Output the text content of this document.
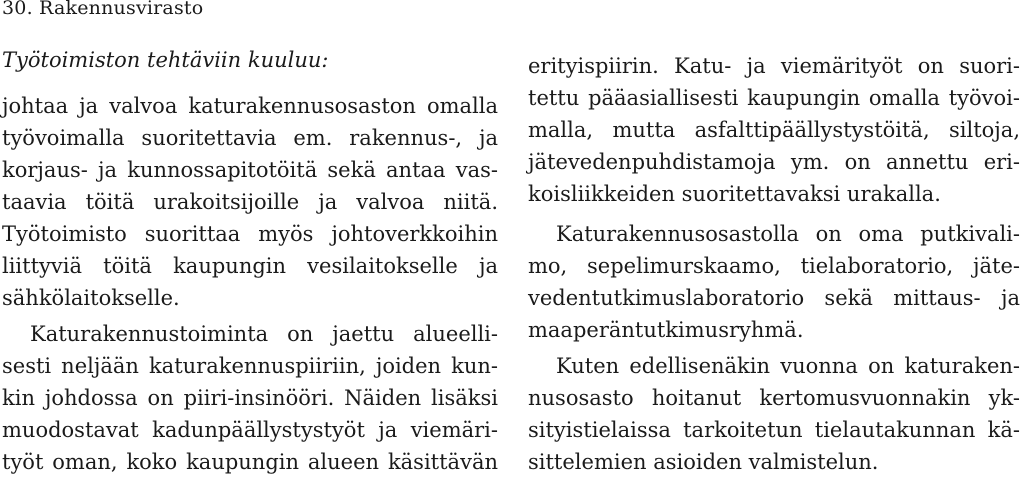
30. Rakennusvirasto
Työtoimiston tehtäviin kuuluu:
johtaa ja valvoa katurakennusosaston omalla
työvoimalla suoritettavia em. rakennus-, ja
korjaus- ja kunnossapitotöitä sekä antaa vas-
taavia töitä urakoitsijoille ja valvoa niitä.
Työtoimisto suorittaa myös johtoverkkoihin
liittyviä töitä kaupungin vesilaitokselle ja
sähkölaitokselle.
Katurakennustoiminta on jaettu alueelli-
sesti neljään katurakennuspiiriin, joiden kun-
kin johdossa on piiri-insinööri. Näiden lisäksi
muodostavat kadunpäällystystyöt ja viemäri-
työt oman, koko kaupungin alueen käsittävän
erityispiirin. Katu- ja viemärityöt on suori-
tettu pääasiallisesti kaupungin omalla työvoi-
malla, mutta asfalttipäällystystöitä, siltoja,
jätevedenpuhdistamoja ym. on annettu eri-
koisliikkeiden suoritettavaksi urakalla.
Katurakennusosastolla on oma putkivali-
mo, sepelimurskaamo, tielaboratorio, jäte-
vedentutkimuslaboratorio sekä mittaus- ja
maaperäntutkimusryhmä.
Kuten edellisenäkin vuonna on katuraken-
nusosasto hoitanut kertomusvuonnakin yk-
sityistielaissa tarkoitetun tielautakunnan kä-
sittelemien asioiden valmistelun.
